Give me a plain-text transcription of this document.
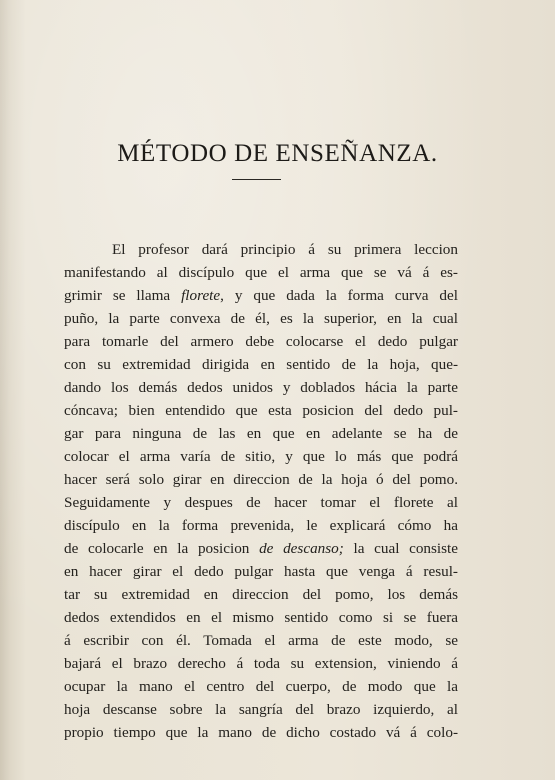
MÉTODO DE ENSEÑANZA.
El profesor dará principio á su primera leccion
manifestando al discípulo que el arma que se vá á es-
grimir se llama florete, y que dada la forma curva del
puño, la parte convexa de él, es la superior, en la cual
para tomarle del armero debe colocarse el dedo pulgar
con su extremidad dirigida en sentido de la hoja, que-
dando los demás dedos unidos y doblados hácia la parte
cóncava; bien entendido que esta posicion del dedo pul-
gar para ninguna de las en que en adelante se ha de
colocar el arma varía de sitio, y que lo más que podrá
hacer será solo girar en direccion de la hoja ó del pomo.
Seguidamente y despues de hacer tomar el florete al
discípulo en la forma prevenida, le explicará cómo ha
de colocarle en la posicion de descanso; la cual consiste
en hacer girar el dedo pulgar hasta que venga á resul-
tar su extremidad en direccion del pomo, los demás
dedos extendidos en el mismo sentido como si se fuera
á escribir con él. Tomada el arma de este modo, se
bajará el brazo derecho á toda su extension, viniendo á
ocupar la mano el centro del cuerpo, de modo que la
hoja descanse sobre la sangría del brazo izquierdo, al
propio tiempo que la mano de dicho costado vá á colo-
